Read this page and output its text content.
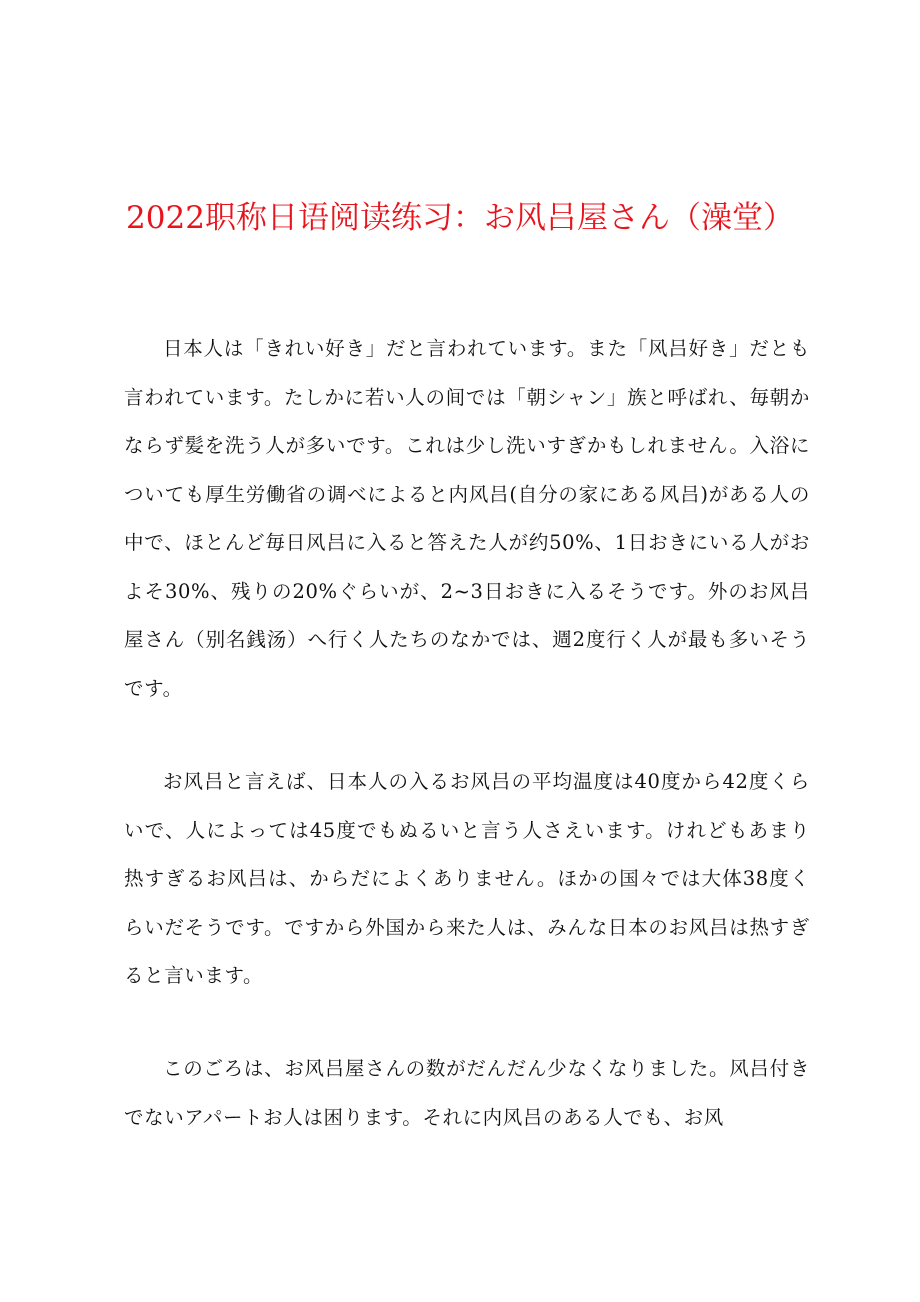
2022职称日语阅读练习：お风吕屋さん（澡堂）

日本人は「きれい好き」だと言われています。また「风吕好き」だとも言われています。たしかに若い人の间では「朝シャン」族と呼ばれ、毎朝かならず髪を洗う人が多いです。これは少し洗いすぎかもしれません。入浴についても厚生労働省の调べによると内风吕(自分の家にある风吕)がある人の中で、ほとんど毎日风吕に入ると答えた人が约50%、1日おきにいる人がおよそ30%、残りの20%ぐらいが、2~3日おきに入るそうです。外のお风吕屋さん（别名銭汤）へ行く人たちのなかでは、週2度行く人が最も多いそうです。

お风吕と言えば、日本人の入るお风吕の平均温度は40度から42度くらいで、人によっては45度でもぬるいと言う人さえいます。けれどもあまり热すぎるお风吕は、からだによくありません。ほかの国々では大体38度くらいだそうです。ですから外国から来た人は、みんな日本のお风吕は热すぎると言います。

このごろは、お风吕屋さんの数がだんだん少なくなりました。风吕付きでないアパートお人は困ります。それに内风吕のある人でも、お风
